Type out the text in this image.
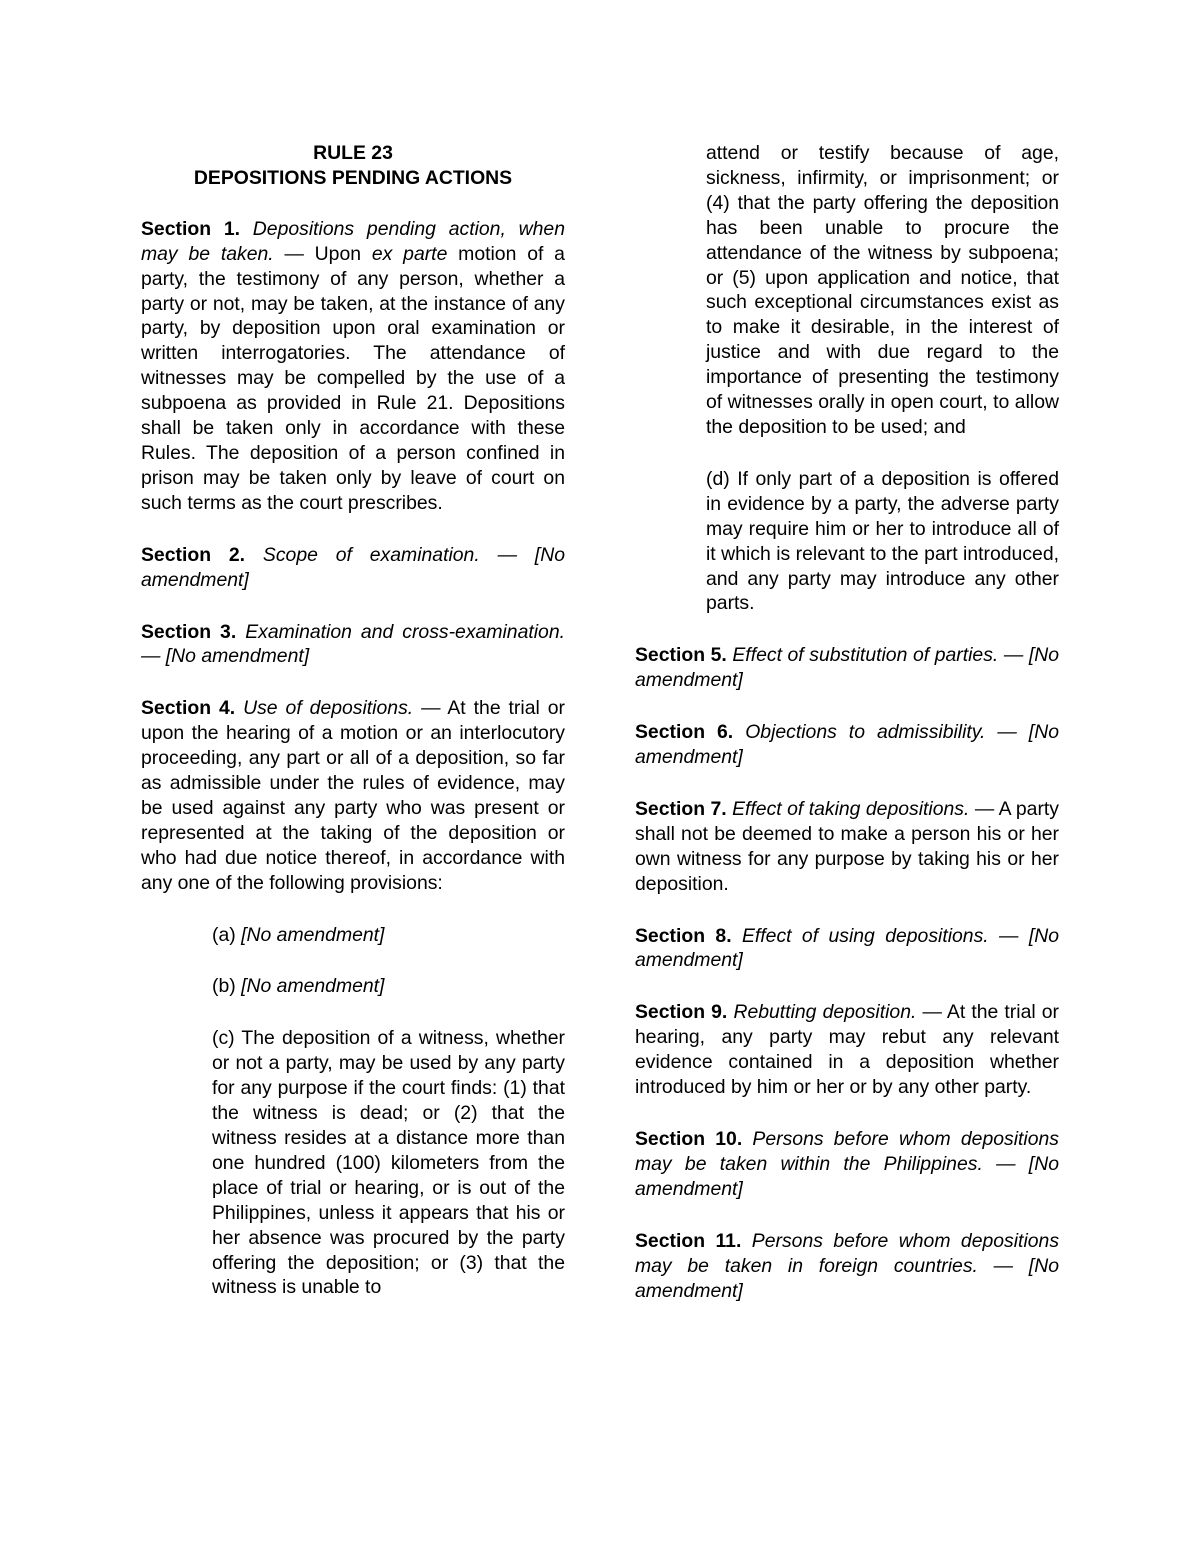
RULE 23
DEPOSITIONS PENDING ACTIONS

Section 1. Depositions pending action, when may be taken. — Upon ex parte motion of a party, the testimony of any person, whether a party or not, may be taken, at the instance of any party, by deposition upon oral examination or written interrogatories. The attendance of witnesses may be compelled by the use of a subpoena as provided in Rule 21. Depositions shall be taken only in accordance with these Rules. The deposition of a person confined in prison may be taken only by leave of court on such terms as the court prescribes.

Section 2. Scope of examination. — [No amendment]

Section 3. Examination and cross-examination. — [No amendment]

Section 4. Use of depositions. — At the trial or upon the hearing of a motion or an interlocutory proceeding, any part or all of a deposition, so far as admissible under the rules of evidence, may be used against any party who was present or represented at the taking of the deposition or who had due notice thereof, in accordance with any one of the following provisions:

(a) [No amendment]

(b) [No amendment]

(c) The deposition of a witness, whether or not a party, may be used by any party for any purpose if the court finds: (1) that the witness is dead; or (2) that the witness resides at a distance more than one hundred (100) kilometers from the place of trial or hearing, or is out of the Philippines, unless it appears that his or her absence was procured by the party offering the deposition; or (3) that the witness is unable to

attend or testify because of age, sickness, infirmity, or imprisonment; or (4) that the party offering the deposition has been unable to procure the attendance of the witness by subpoena; or (5) upon application and notice, that such exceptional circumstances exist as to make it desirable, in the interest of justice and with due regard to the importance of presenting the testimony of witnesses orally in open court, to allow the deposition to be used; and

(d) If only part of a deposition is offered in evidence by a party, the adverse party may require him or her to introduce all of it which is relevant to the part introduced, and any party may introduce any other parts.

Section 5. Effect of substitution of parties. — [No amendment]

Section 6. Objections to admissibility. — [No amendment]

Section 7. Effect of taking depositions. — A party shall not be deemed to make a person his or her own witness for any purpose by taking his or her deposition.

Section 8. Effect of using depositions. — [No amendment]

Section 9. Rebutting deposition. — At the trial or hearing, any party may rebut any relevant evidence contained in a deposition whether introduced by him or her or by any other party.

Section 10. Persons before whom depositions may be taken within the Philippines. — [No amendment]

Section 11. Persons before whom depositions may be taken in foreign countries. — [No amendment]
